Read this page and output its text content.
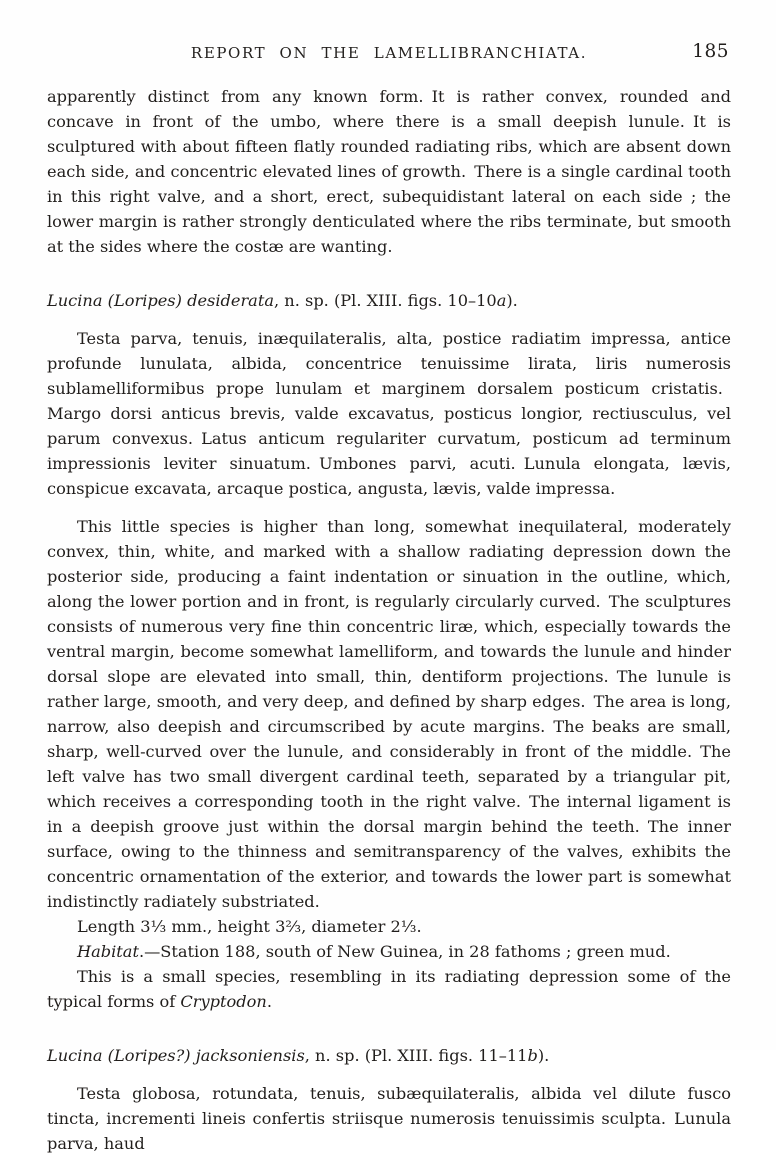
REPORT ON THE LAMELLIBRANCHIATA.	185

apparently distinct from any known form. It is rather convex, rounded and concave in front of the umbo, where there is a small deepish lunule. It is sculptured with about fifteen flatly rounded radiating ribs, which are absent down each side, and concentric elevated lines of growth. There is a single cardinal tooth in this right valve, and a short, erect, subequidistant lateral on each side ; the lower margin is rather strongly denticulated where the ribs terminate, but smooth at the sides where the costæ are wanting.

Lucina (Loripes) desiderata, n. sp. (Pl. XIII. figs. 10–10a).

Testa parva, tenuis, inæquilateralis, alta, postice radiatim impressa, antice profunde lunulata, albida, concentrice tenuissime lirata, liris numerosis sublamelliformibus prope lunulam et marginem dorsalem posticum cristatis. Margo dorsi anticus brevis, valde excavatus, posticus longior, rectiusculus, vel parum convexus. Latus anticum regulariter curvatum, posticum ad terminum impressionis leviter sinuatum. Umbones parvi, acuti. Lunula elongata, lævis, conspicue excavata, arcaque postica, angusta, lævis, valde impressa.

This little species is higher than long, somewhat inequilateral, moderately convex, thin, white, and marked with a shallow radiating depression down the posterior side, producing a faint indentation or sinuation in the outline, which, along the lower portion and in front, is regularly circularly curved. The sculptures consists of numerous very fine thin concentric liræ, which, especially towards the ventral margin, become somewhat lamelliform, and towards the lunule and hinder dorsal slope are elevated into small, thin, dentiform projections. The lunule is rather large, smooth, and very deep, and defined by sharp edges. The area is long, narrow, also deepish and circumscribed by acute margins. The beaks are small, sharp, well-curved over the lunule, and considerably in front of the middle. The left valve has two small divergent cardinal teeth, separated by a triangular pit, which receives a corresponding tooth in the right valve. The internal ligament is in a deepish groove just within the dorsal margin behind the teeth. The inner surface, owing to the thinness and semitransparency of the valves, exhibits the concentric ornamentation of the exterior, and towards the lower part is somewhat indistinctly radiately substriated.

Length 3⅓ mm., height 3⅔, diameter 2⅓.

Habitat.—Station 188, south of New Guinea, in 28 fathoms ; green mud.

This is a small species, resembling in its radiating depression some of the typical forms of Cryptodon.

Lucina (Loripes?) jacksoniensis, n. sp. (Pl. XIII. figs. 11–11b).

Testa globosa, rotundata, tenuis, subæquilateralis, albida vel dilute fusco tincta, incrementi lineis confertis striisque numerosis tenuissimis sculpta. Lunula parva, haud
